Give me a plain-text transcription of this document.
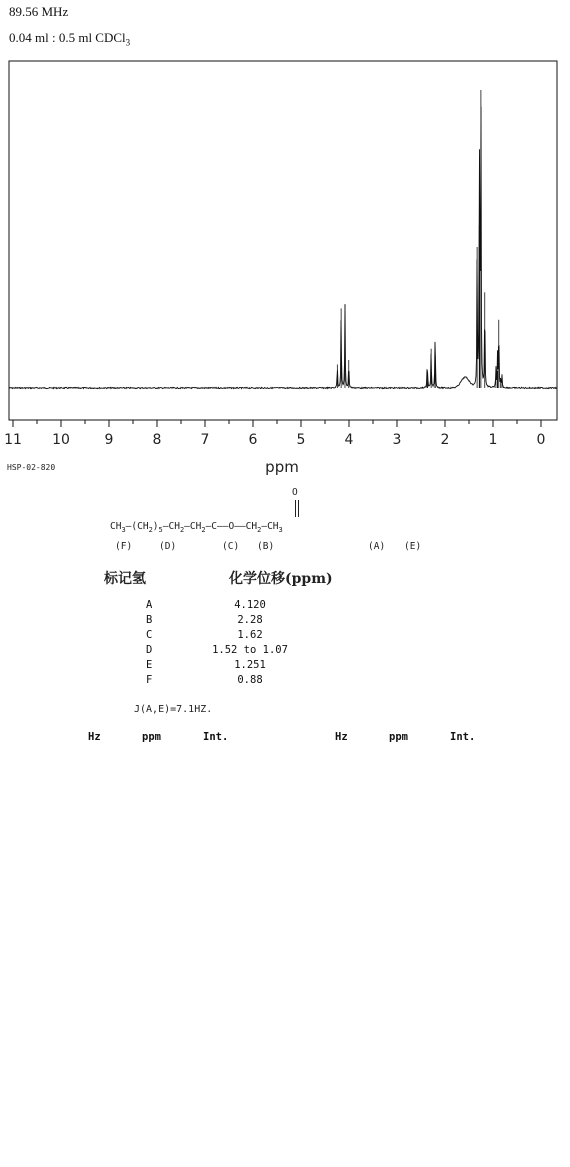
89.56 MHz
0.04 ml : 0.5 ml CDCl$_3$
11 10 9	8	7	6	5	4	3	2	1	0
ppm
HSP-02-820
O
$CH_3—(CH_2)_5—CH_2—CH_2—C——O——CH_2—CH_3$
(F)	(D)	(C) (B)	(A) (E)
标记氢	化学位移(ppm)
A	4.120
B	2.28
C	1.62
D	1.52 to 1.07
E	1.251
F	0.88
J(A,E)=7.1HZ.
Hz	ppm	Int.	Hz	ppm	Int.
